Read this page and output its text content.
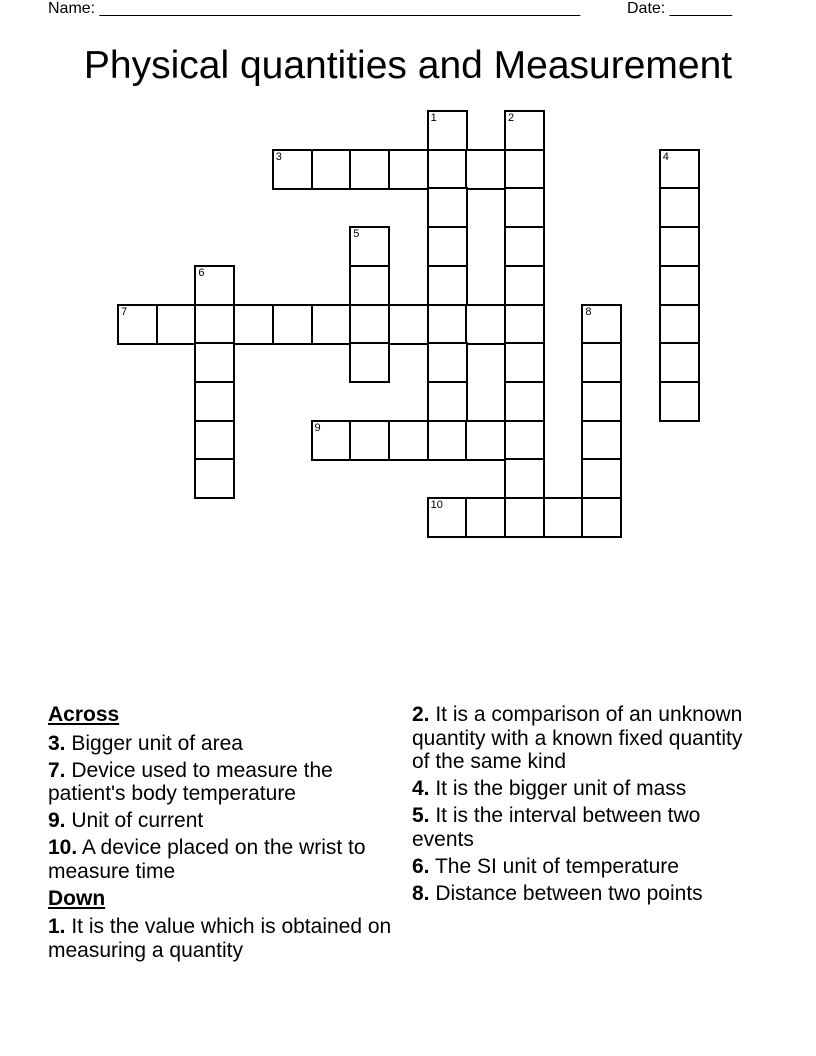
Name: ______________________________________________________	Date: _______
Physical quantities and Measurement
1	2
3	4
5
6
7	8
9
10
Across
3. Bigger unit of area
7. Device used to measure the patient's body temperature
9. Unit of current
10. A device placed on the wrist to measure time
Down
1. It is the value which is obtained on measuring a quantity
2. It is a comparison of an unknown quantity with a known fixed quantity of the same kind
4. It is the bigger unit of mass
5. It is the interval between two events
6. The SI unit of temperature
8. Distance between two points
